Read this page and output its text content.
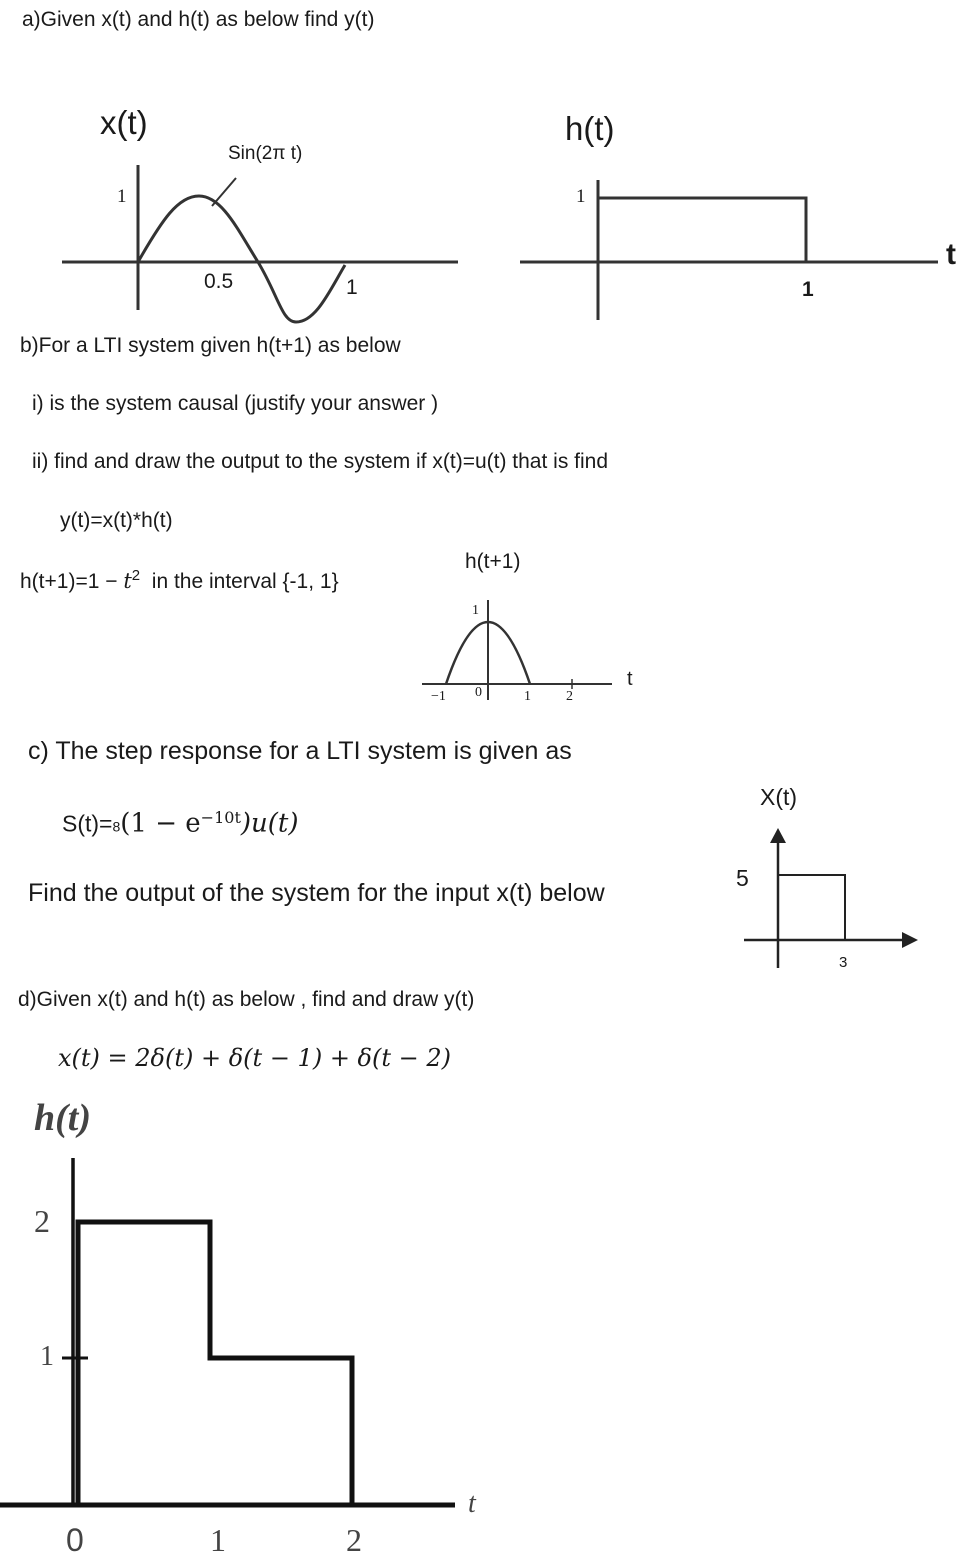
a)Given x(t) and h(t) as below find y(t)
x(t)
Sin(2π t)
1
0.5	1
h(t)
1
1
t
b)For a LTI system given h(t+1) as below
i) is the system causal (justify your answer )
ii) find and draw the output to the system if x(t)=u(t) that is find
y(t)=x(t)*h(t)
$h(t+1)=1 - t^2$ in the interval {-1, 1}
h(t+1)
1
−1 0	1	2
t
c) The step response for a LTI system is given as
$S(t)=8(1 - e^{-10t})u(t)$
Find the output of the system for the input x(t) below
X(t)
5
3
d)Given x(t) and h(t) as below , find and draw y(t)
x(t) = 2δ(t) + δ(t − 1) + δ(t − 2)
h(t)
2
1
0	1	2
t
